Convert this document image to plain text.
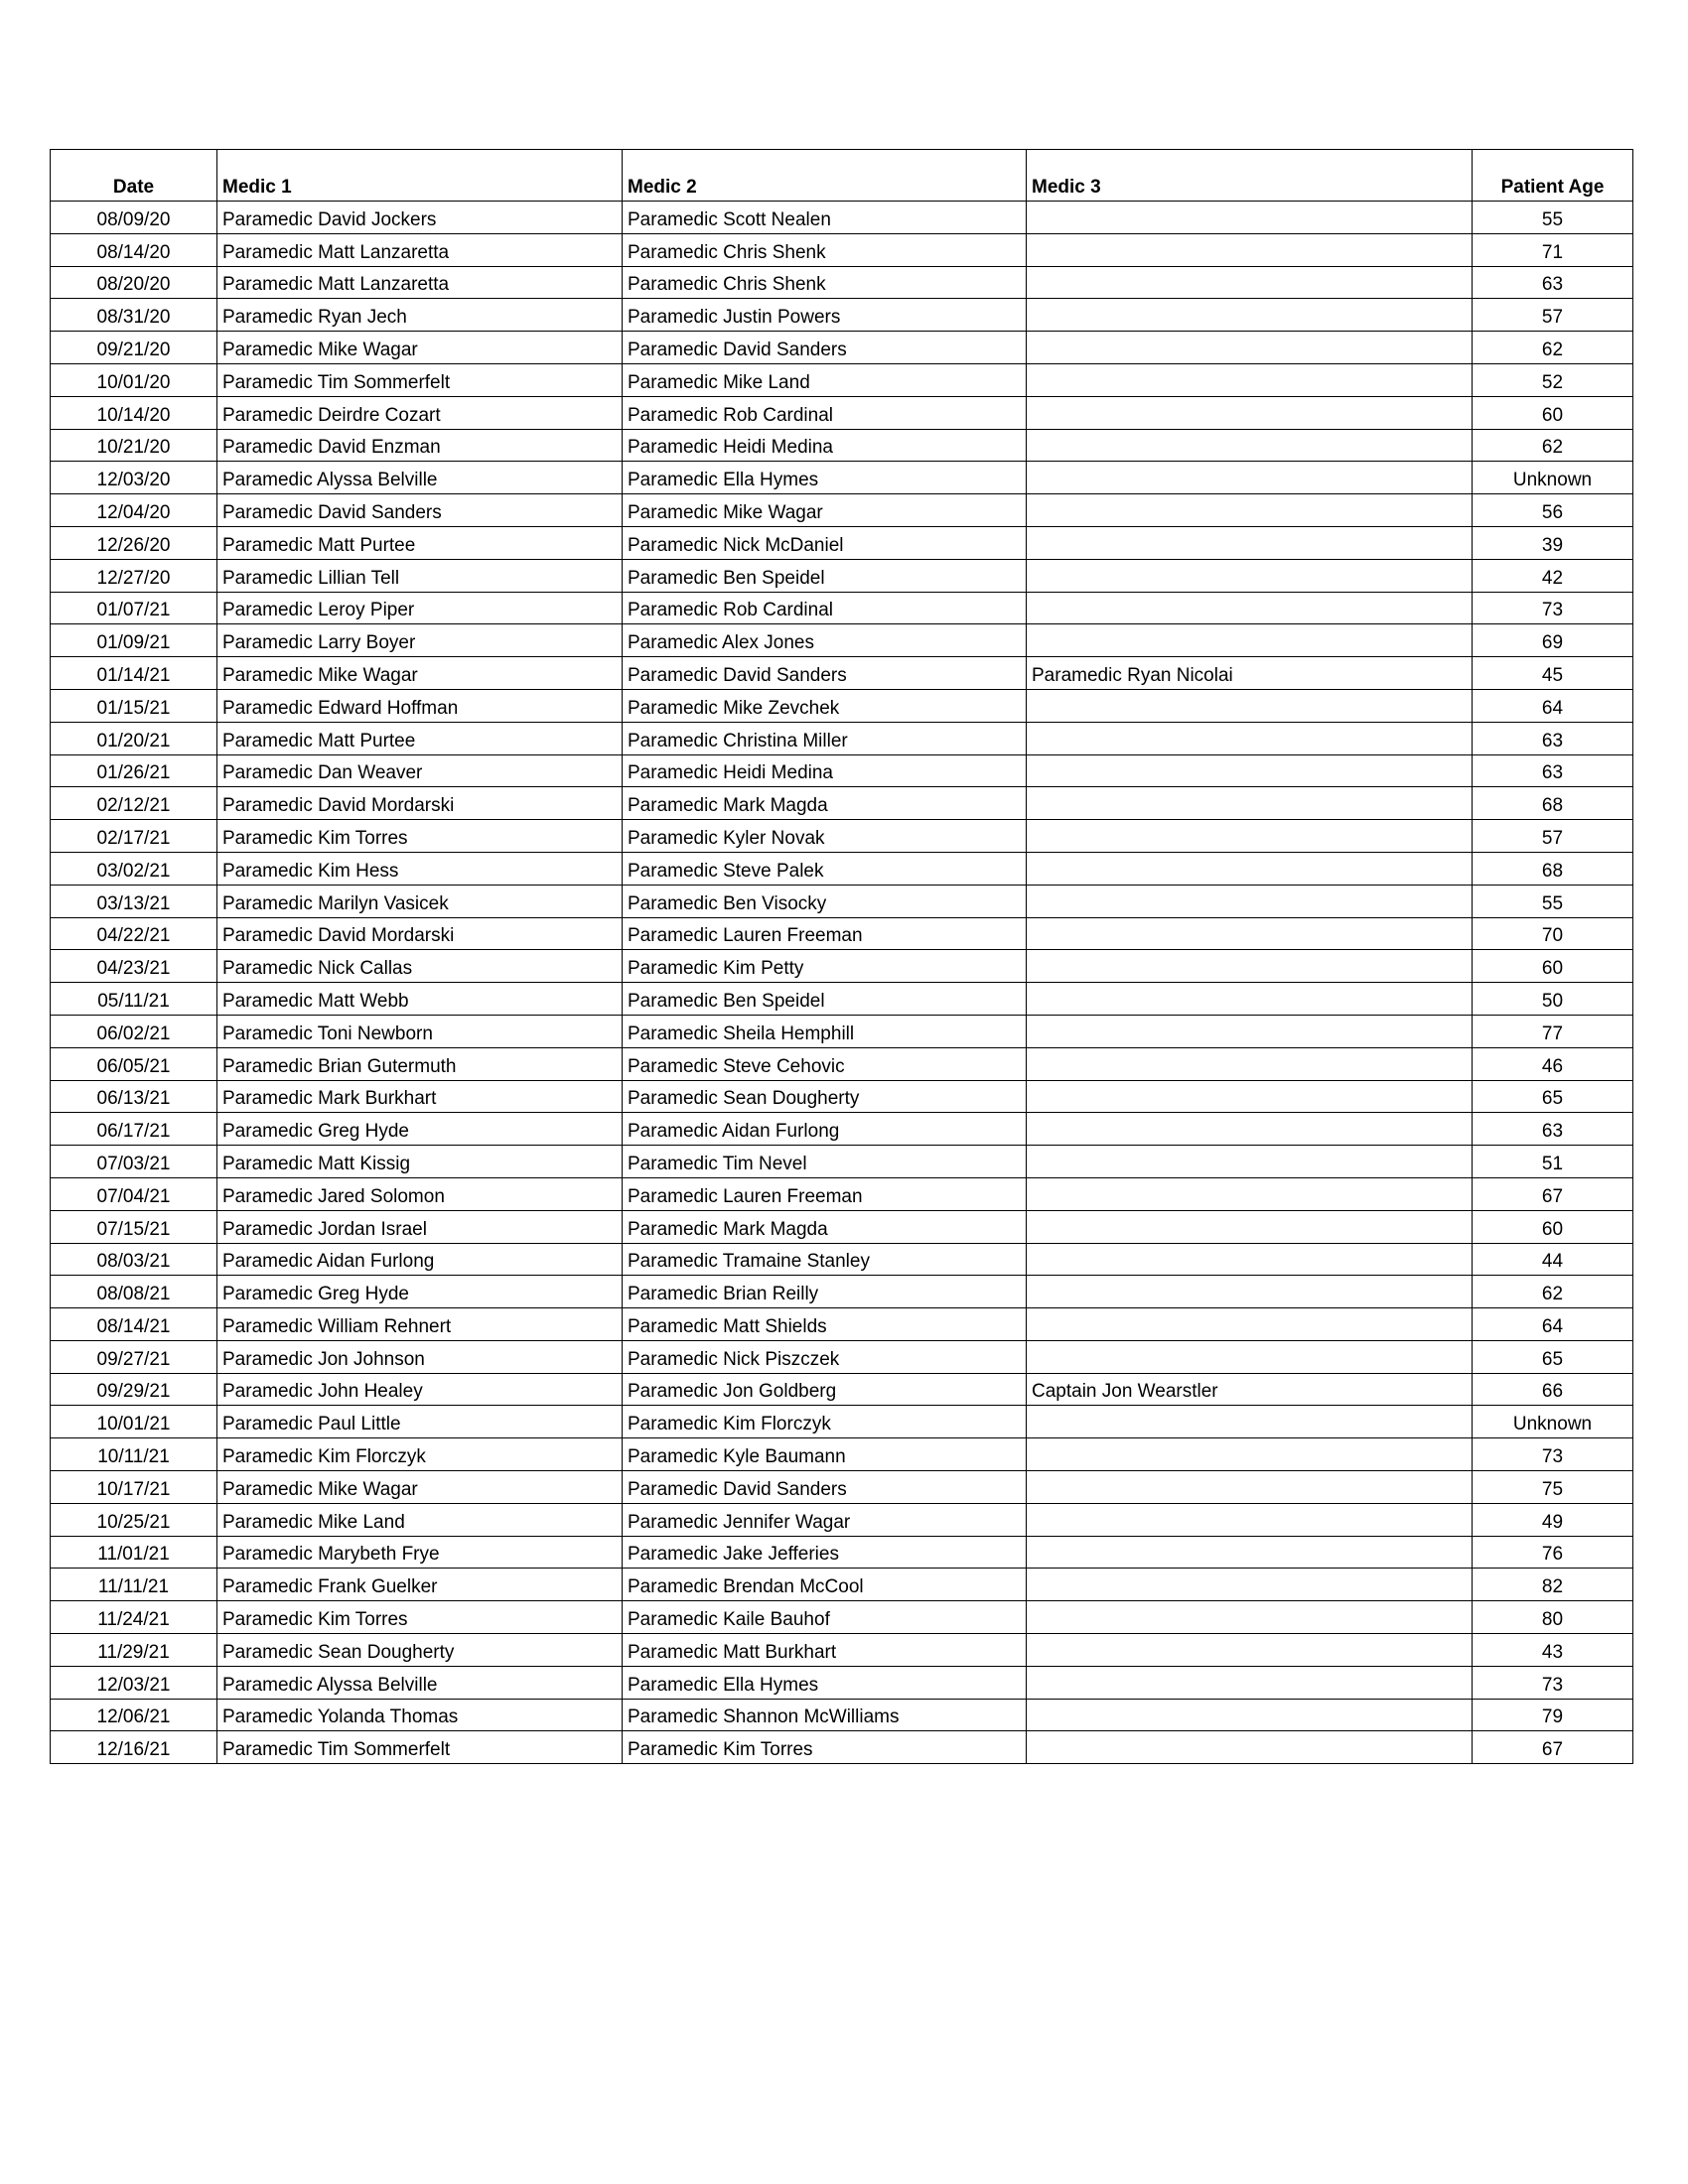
Date	Medic 1	Medic 2	Medic 3	Patient Age
08/09/20	Paramedic David Jockers	Paramedic Scott Nealen		55
08/14/20	Paramedic Matt Lanzaretta	Paramedic Chris Shenk		71
08/20/20	Paramedic Matt Lanzaretta	Paramedic Chris Shenk		63
08/31/20	Paramedic Ryan Jech	Paramedic Justin Powers		57
09/21/20	Paramedic Mike Wagar	Paramedic David Sanders		62
10/01/20	Paramedic Tim Sommerfelt	Paramedic Mike Land		52
10/14/20	Paramedic Deirdre Cozart	Paramedic Rob Cardinal		60
10/21/20	Paramedic David Enzman	Paramedic Heidi Medina		62
12/03/20	Paramedic Alyssa Belville	Paramedic Ella Hymes		Unknown
12/04/20	Paramedic David Sanders	Paramedic Mike Wagar		56
12/26/20	Paramedic Matt Purtee	Paramedic Nick McDaniel		39
12/27/20	Paramedic Lillian Tell	Paramedic Ben Speidel		42
01/07/21	Paramedic Leroy Piper	Paramedic Rob Cardinal		73
01/09/21	Paramedic Larry Boyer	Paramedic Alex Jones		69
01/14/21	Paramedic Mike Wagar	Paramedic David Sanders	Paramedic Ryan Nicolai	45
01/15/21	Paramedic Edward Hoffman	Paramedic Mike Zevchek		64
01/20/21	Paramedic Matt Purtee	Paramedic Christina Miller		63
01/26/21	Paramedic Dan Weaver	Paramedic Heidi Medina		63
02/12/21	Paramedic David Mordarski	Paramedic Mark Magda		68
02/17/21	Paramedic Kim Torres	Paramedic Kyler Novak		57
03/02/21	Paramedic Kim Hess	Paramedic Steve Palek		68
03/13/21	Paramedic Marilyn Vasicek	Paramedic Ben Visocky		55
04/22/21	Paramedic David Mordarski	Paramedic Lauren Freeman		70
04/23/21	Paramedic Nick Callas	Paramedic Kim Petty		60
05/11/21	Paramedic Matt Webb	Paramedic Ben Speidel		50
06/02/21	Paramedic Toni Newborn	Paramedic Sheila Hemphill		77
06/05/21	Paramedic Brian Gutermuth	Paramedic Steve Cehovic		46
06/13/21	Paramedic Mark Burkhart	Paramedic Sean Dougherty		65
06/17/21	Paramedic Greg Hyde	Paramedic Aidan Furlong		63
07/03/21	Paramedic Matt Kissig	Paramedic Tim Nevel		51
07/04/21	Paramedic Jared Solomon	Paramedic Lauren Freeman		67
07/15/21	Paramedic Jordan Israel	Paramedic Mark Magda		60
08/03/21	Paramedic Aidan Furlong	Paramedic Tramaine Stanley		44
08/08/21	Paramedic Greg Hyde	Paramedic Brian Reilly		62
08/14/21	Paramedic William Rehnert	Paramedic Matt Shields		64
09/27/21	Paramedic Jon Johnson	Paramedic Nick Piszczek		65
09/29/21	Paramedic John Healey	Paramedic Jon Goldberg	Captain Jon Wearstler	66
10/01/21	Paramedic Paul Little	Paramedic Kim Florczyk		Unknown
10/11/21	Paramedic Kim Florczyk	Paramedic Kyle Baumann		73
10/17/21	Paramedic Mike Wagar	Paramedic David Sanders		75
10/25/21	Paramedic Mike Land	Paramedic Jennifer Wagar		49
11/01/21	Paramedic Marybeth Frye	Paramedic Jake Jefferies		76
11/11/21	Paramedic Frank Guelker	Paramedic Brendan McCool		82
11/24/21	Paramedic Kim Torres	Paramedic Kaile Bauhof		80
11/29/21	Paramedic Sean Dougherty	Paramedic Matt Burkhart		43
12/03/21	Paramedic Alyssa Belville	Paramedic Ella Hymes		73
12/06/21	Paramedic Yolanda Thomas	Paramedic Shannon McWilliams		79
12/16/21	Paramedic Tim Sommerfelt	Paramedic Kim Torres		67
